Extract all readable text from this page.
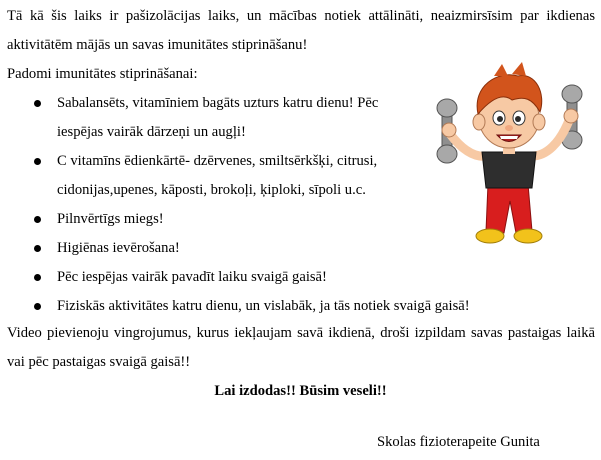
Tā kā šis laiks ir pašizolācijas laiks, un mācības notiek attālināti, neaizmirsīsim par ikdienas aktivitātēm mājās un savas imunitātes stiprināšanu!

Padomi imunitātes stiprināšanai:

Sabalansēts, vitamīniem bagāts uzturs katru dienu! Pēc iespējas vairāk dārzeņi un augļi!
C vitamīns ēdienkārtē- dzērvenes, smiltsērkšķi, citrusi, cidonijas,upenes, kāposti, brokoļi, ķiploki, sīpoli u.c.
Pilnvērtīgs miegs!
Higiēnas ievērošana!
Pēc iespējas vairāk pavadīt laiku svaigā gaisā!
Fiziskās aktivitātes katru dienu, un vislabāk, ja tās notiek svaigā gaisā!

Video pievienoju vingrojumus, kurus iekļaujam savā ikdienā, droši izpildam savas pastaigas laikā vai pēc pastaigas svaigā gaisā!!

Lai izdodas!! Būsim veseli!!

Skolas fizioterapeite Gunita
